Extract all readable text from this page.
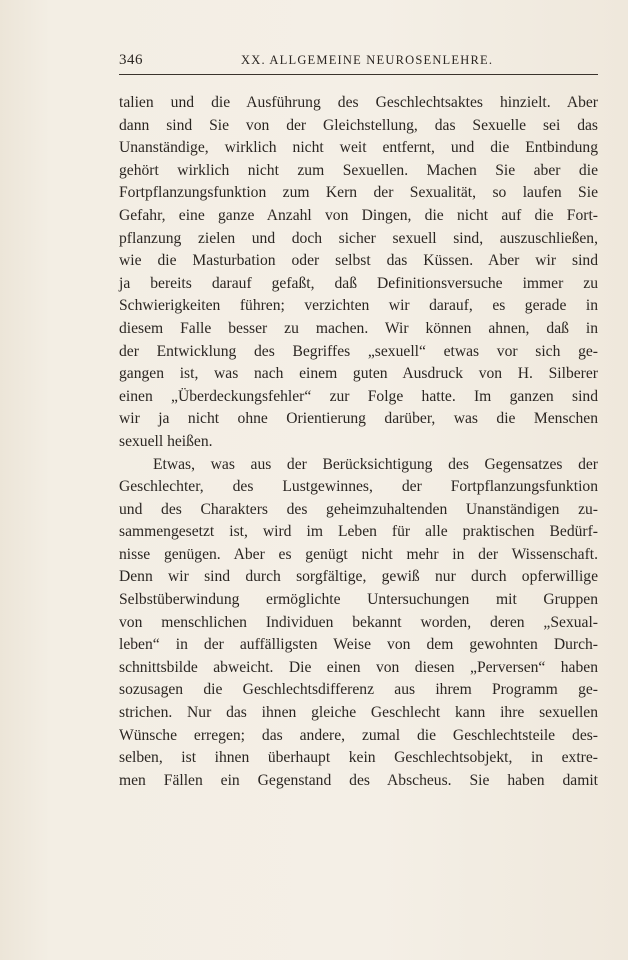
346	XX. ALLGEMEINE NEUROSENLEHRE.
talien und die Ausführung des Geschlechtsaktes hinzielt. Aber
dann sind Sie von der Gleichstellung, das Sexuelle sei das
Unanständige, wirklich nicht weit entfernt, und die Entbindung
gehört wirklich nicht zum Sexuellen. Machen Sie aber die
Fortpflanzungsfunktion zum Kern der Sexualität, so laufen Sie
Gefahr, eine ganze Anzahl von Dingen, die nicht auf die Fort-
pflanzung zielen und doch sicher sexuell sind, auszuschließen,
wie die Masturbation oder selbst das Küssen. Aber wir sind
ja bereits darauf gefaßt, daß Definitionsversuche immer zu
Schwierigkeiten führen; verzichten wir darauf, es gerade in
diesem Falle besser zu machen. Wir können ahnen, daß in
der Entwicklung des Begriffes „sexuell“ etwas vor sich ge-
gangen ist, was nach einem guten Ausdruck von H. Silberer
einen „Überdeckungsfehler“ zur Folge hatte. Im ganzen sind
wir ja nicht ohne Orientierung darüber, was die Menschen
sexuell heißen.
Etwas, was aus der Berücksichtigung des Gegensatzes der
Geschlechter, des Lustgewinnes, der Fortpflanzungsfunktion
und des Charakters des geheimzuhaltenden Unanständigen zu-
sammengesetzt ist, wird im Leben für alle praktischen Bedürf-
nisse genügen. Aber es genügt nicht mehr in der Wissenschaft.
Denn wir sind durch sorgfältige, gewiß nur durch opferwillige
Selbstüberwindung ermöglichte Untersuchungen mit Gruppen
von menschlichen Individuen bekannt worden, deren „Sexual-
leben“ in der auffälligsten Weise von dem gewohnten Durch-
schnittsbilde abweicht. Die einen von diesen „Perversen“ haben
sozusagen die Geschlechtsdifferenz aus ihrem Programm ge-
strichen. Nur das ihnen gleiche Geschlecht kann ihre sexuellen
Wünsche erregen; das andere, zumal die Geschlechtsteile des-
selben, ist ihnen überhaupt kein Geschlechtsobjekt, in extre-
men Fällen ein Gegenstand des Abscheus. Sie haben damit
